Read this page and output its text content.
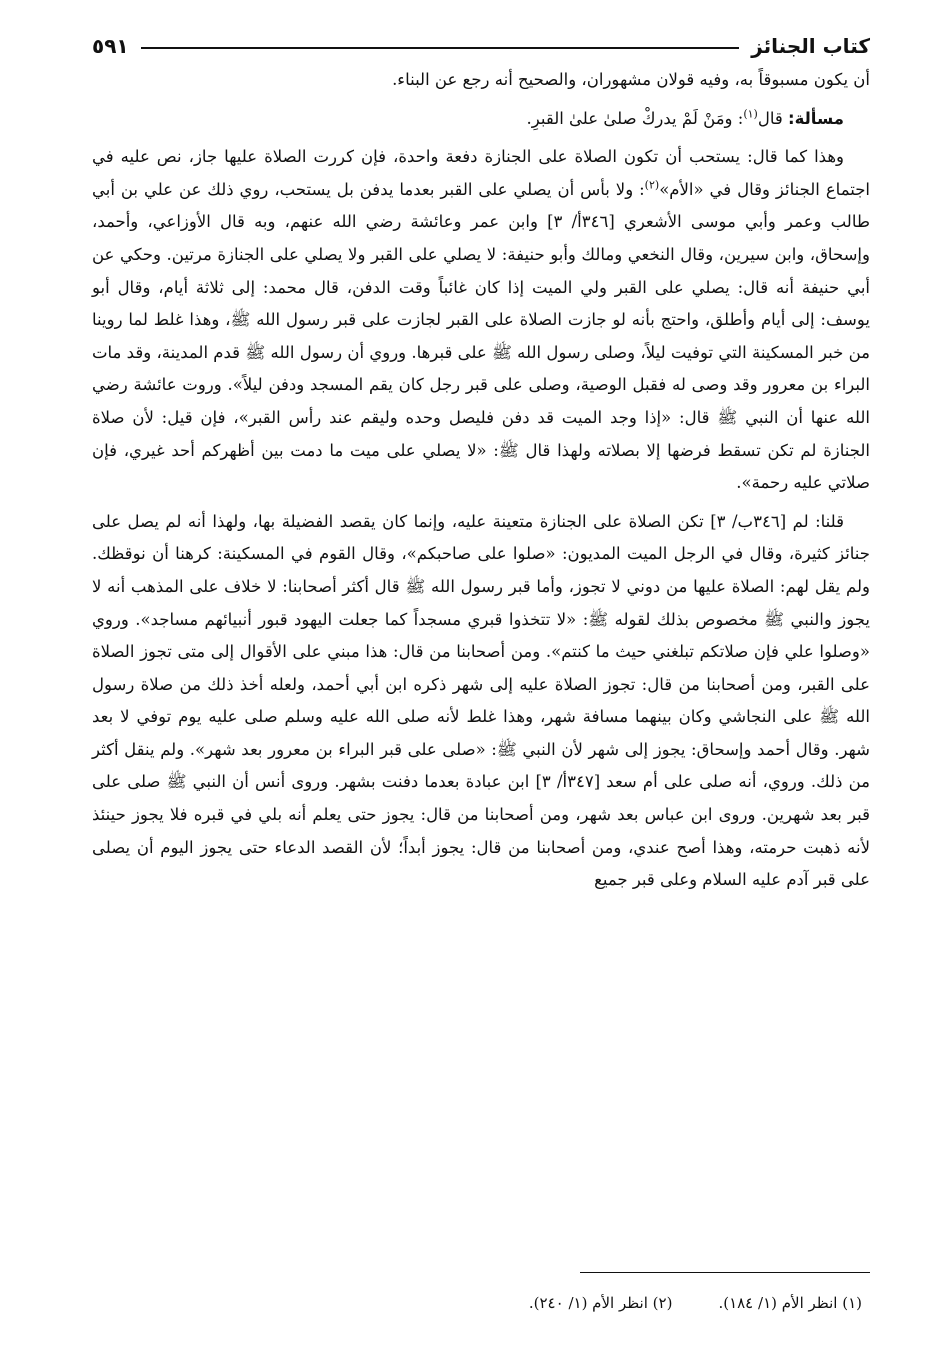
كتاب الجنائز
٥٩١

أن يكون مسبوقاً به، وفيه قولان مشهوران، والصحيح أنه رجع عن البناء.

مسألة: قال$^{(١)}$: ومَنْ لَمْ يدركْ صلىٰ علىٰ القبرِ.

وهذا كما قال: يستحب أن تكون الصلاة على الجنازة دفعة واحدة، فإن كررت الصلاة عليها جاز، نص عليه في اجتماع الجنائز وقال في «الأم»$^{(٢)}$: ولا بأس أن يصلي على القبر بعدما يدفن بل يستحب، روي ذلك عن علي بن أبي طالب وعمر وأبي موسى الأشعري [٣٤٦أ/ ٣] وابن عمر وعائشة رضي الله عنهم، وبه قال الأوزاعي، وأحمد، وإسحاق، وابن سيرين، وقال النخعي ومالك وأبو حنيفة: لا يصلي على القبر ولا يصلي على الجنازة مرتين. وحكي عن أبي حنيفة أنه قال: يصلي على القبر ولي الميت إذا كان غائباً وقت الدفن، قال محمد: إلى ثلاثة أيام، وقال أبو يوسف: إلى أيام وأطلق، واحتج بأنه لو جازت الصلاة على القبر لجازت على قبر رسول الله ﷺ، وهذا غلط لما روينا من خبر المسكينة التي توفيت ليلاً، وصلى رسول الله ﷺ على قبرها. وروي أن رسول الله ﷺ قدم المدينة، وقد مات البراء بن معرور وقد وصى له فقبل الوصية، وصلى على قبر رجل كان يقم المسجد ودفن ليلاً». وروت عائشة رضي الله عنها أن النبي ﷺ قال: «إذا وجد الميت قد دفن فليصل وحده وليقم عند رأس القبر»، فإن قيل: لأن صلاة الجنازة لم تكن تسقط فرضها إلا بصلاته ولهذا قال ﷺ: «لا يصلي على ميت ما دمت بين أظهركم أحد غيري، فإن صلاتي عليه رحمة».

قلنا: لم [٣٤٦ب/ ٣] تكن الصلاة على الجنازة متعينة عليه، وإنما كان يقصد الفضيلة بها، ولهذا أنه لم يصل على جنائز كثيرة، وقال في الرجل الميت المديون: «صلوا على صاحبكم»، وقال القوم في المسكينة: كرهنا أن نوقظك. ولم يقل لهم: الصلاة عليها من دوني لا تجوز، وأما قبر رسول الله ﷺ قال أكثر أصحابنا: لا خلاف على المذهب أنه لا يجوز والنبي ﷺ مخصوص بذلك لقوله ﷺ: «لا تتخذوا قبري مسجداً كما جعلت اليهود قبور أنبيائهم مساجد». وروي «وصلوا علي فإن صلاتكم تبلغني حيث ما كنتم». ومن أصحابنا من قال: هذا مبني على الأقوال إلى متى تجوز الصلاة على القبر، ومن أصحابنا من قال: تجوز الصلاة عليه إلى شهر ذكره ابن أبي أحمد، ولعله أخذ ذلك من صلاة رسول الله ﷺ على النجاشي وكان بينهما مسافة شهر، وهذا غلط لأنه صلى الله عليه وسلم صلى عليه يوم توفي لا بعد شهر. وقال أحمد وإسحاق: يجوز إلى شهر لأن النبي ﷺ: «صلى على قبر البراء بن معرور بعد شهر». ولم ينقل أكثر من ذلك. وروي، أنه صلى على أم سعد [٣٤٧أ/ ٣] ابن عبادة بعدما دفنت بشهر. وروى أنس أن النبي ﷺ صلى على قبر بعد شهرين. وروى ابن عباس بعد شهر، ومن أصحابنا من قال: يجوز حتى يعلم أنه بلي في قبره فلا يجوز حينئذ لأنه ذهبت حرمته، وهذا أصح عندي، ومن أصحابنا من قال: يجوز أبداً؛ لأن القصد الدعاء حتى يجوز اليوم أن يصلى على قبر آدم عليه السلام وعلى قبر جميع

(١) انظر الأم (١/ ١٨٤).
(٢) انظر الأم (١/ ٢٤٠).
